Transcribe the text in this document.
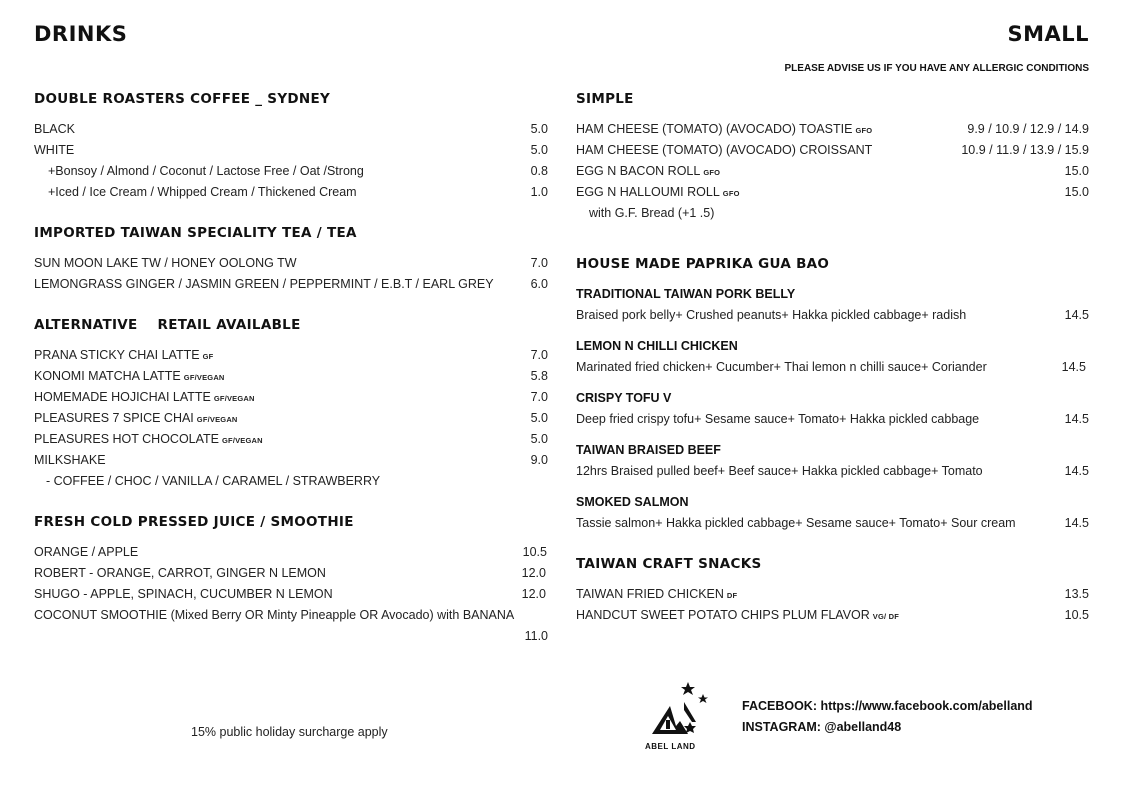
DRINKS	SMALL
PLEASE ADVISE US IF YOU HAVE ANY ALLERGIC CONDITIONS
DOUBLE ROASTERS COFFEE _ SYDNEY
BLACK	5.0
WHITE	5.0
+Bonsoy / Almond / Coconut / Lactose Free / Oat /Strong	0.8
+Iced / Ice Cream / Whipped Cream / Thickened Cream	1.0
IMPORTED TAIWAN SPECIALITY TEA / TEA
SUN MOON LAKE TW / HONEY OOLONG TW	7.0
LEMONGRASS GINGER / JASMIN GREEN / PEPPERMINT / E.B.T / EARL GREY	6.0
ALTERNATIVE    RETAIL AVAILABLE
PRANA STICKY CHAI LATTE GF	7.0
KONOMI MATCHA LATTE GF/VEGAN	5.8
HOMEMADE HOJICHAI LATTE GF/VEGAN	7.0
PLEASURES 7 SPICE CHAI GF/VEGAN	5.0
PLEASURES HOT CHOCOLATE GF/VEGAN	5.0
MILKSHAKE	9.0
- COFFEE / CHOC / VANILLA / CARAMEL / STRAWBERRY
FRESH COLD PRESSED JUICE / SMOOTHIE
ORANGE / APPLE	10.5
ROBERT - ORANGE, CARROT, GINGER N LEMON	12.0
SHUGO - APPLE, SPINACH, CUCUMBER N LEMON	12.0
COCONUT SMOOTHIE (Mixed Berry OR Minty Pineapple OR Avocado) with BANANA
11.0
15% public holiday surcharge apply
SIMPLE
HAM CHEESE (TOMATO) (AVOCADO) TOASTIE GFO	9.9 / 10.9 / 12.9 / 14.9
HAM CHEESE (TOMATO) (AVOCADO) CROISSANT	10.9 / 11.9 / 13.9 / 15.9
EGG N BACON ROLL GFO	15.0
EGG N HALLOUMI ROLL GFO	15.0
with G.F. Bread (+1 .5)
HOUSE MADE PAPRIKA GUA BAO
TRADITIONAL TAIWAN PORK BELLY
Braised pork belly+ Crushed peanuts+ Hakka pickled cabbage+ radish	14.5
LEMON N CHILLI CHICKEN
Marinated fried chicken+ Cucumber+ Thai lemon n chilli sauce+ Coriander	14.5
CRISPY TOFU V
Deep fried crispy tofu+ Sesame sauce+ Tomato+ Hakka pickled cabbage	14.5
TAIWAN BRAISED BEEF
12hrs Braised pulled beef+ Beef sauce+ Hakka pickled cabbage+ Tomato	14.5
SMOKED SALMON
Tassie salmon+ Hakka pickled cabbage+ Sesame sauce+ Tomato+ Sour cream	14.5
TAIWAN CRAFT SNACKS
TAIWAN FRIED CHICKEN DF	13.5
HANDCUT SWEET POTATO CHIPS PLUM FLAVOR VG/ DF	10.5
ABEL LAND
FACEBOOK: https://www.facebook.com/abelland
INSTAGRAM: @abelland48
